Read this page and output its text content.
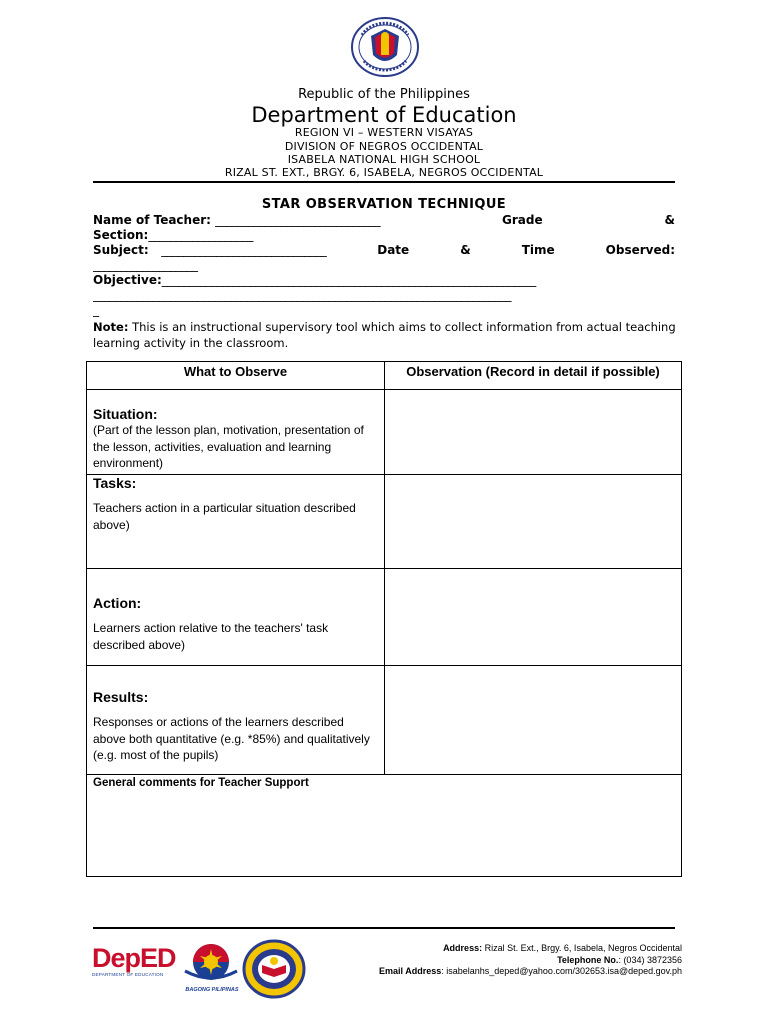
Republic of the Philippines
Department of Education
REGION VI – WESTERN VISAYAS
DIVISION OF NEGROS OCCIDENTAL
ISABELA NATIONAL HIGH SCHOOL
RIZAL ST. EXT., BRGY. 6, ISABELA, NEGROS OCCIDENTAL
STAR OBSERVATION TECHNIQUE
Name of Teacher: ______________________________	Grade	&
Section:___________________
Subject: ______________________________	Date	&	Time	Observed:
___________________
Objective:____________________________________________________________________
____________________________________________________________________________
_
Note: This is an instructional supervisory tool which aims to collect information from actual teaching learning activity in the classroom.
What to Observe	Observation (Record in detail if possible)

Situation:
(Part of the lesson plan, motivation, presentation of the lesson, activities, evaluation and learning environment)	

Tasks:
Teachers action in a particular situation described above)	

Action:
Learners action relative to the teachers' task described above)	

Results:
Responses or actions of the learners described above both quantitative (e.g. *85%) and qualitatively (e.g. most of the pupils)	

General comments for Teacher Support	
DepED
DEPARTMENT OF EDUCATION
BAGONG PILIPINAS
Address: Rizal St. Ext., Brgy. 6, Isabela, Negros Occidental
Telephone No.: (034) 3872356
Email Address: isabelanhs_deped@yahoo.com/302653.isa@deped.gov.ph
